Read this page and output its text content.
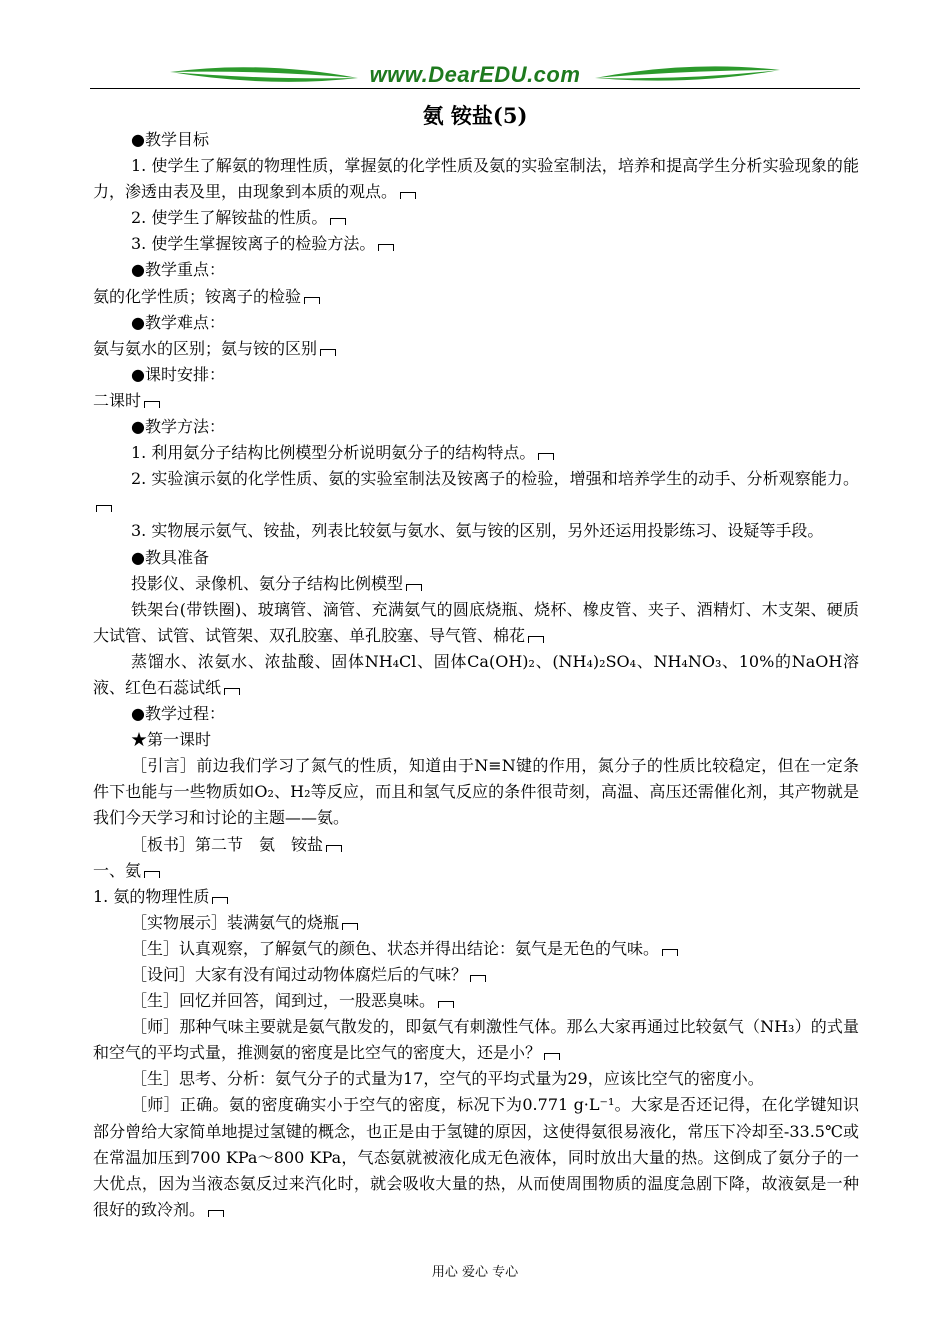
www.DearEDU.com
氨 铵盐(5)

●教学目标

1. 使学生了解氨的物理性质，掌握氨的化学性质及氨的实验室制法，培养和提高学生分析实验现象的能力，渗透由表及里，由现象到本质的观点。

2. 使学生了解铵盐的性质。

3. 使学生掌握铵离子的检验方法。

●教学重点：

氨的化学性质；铵离子的检验

●教学难点：

氨与氨水的区别；氨与铵的区别

●课时安排：

二课时

●教学方法：

1. 利用氨分子结构比例模型分析说明氨分子的结构特点。

2. 实验演示氨的化学性质、氨的实验室制法及铵离子的检验，增强和培养学生的动手、分析观察能力。

3. 实物展示氨气、铵盐，列表比较氨与氨水、氨与铵的区别，另外还运用投影练习、设疑等手段。

●教具准备

投影仪、录像机、氨分子结构比例模型

铁架台(带铁圈)、玻璃管、滴管、充满氨气的圆底烧瓶、烧杯、橡皮管、夹子、酒精灯、木支架、硬质大试管、试管、试管架、双孔胶塞、单孔胶塞、导气管、棉花

蒸馏水、浓氨水、浓盐酸、固体NH₄Cl、固体Ca(OH)₂、(NH₄)₂SO₄、NH₄NO₃、10%的NaOH溶液、红色石蕊试纸

●教学过程：

★第一课时

［引言］前边我们学习了氮气的性质，知道由于N≡N键的作用，氮分子的性质比较稳定，但在一定条件下也能与一些物质如O₂、H₂等反应，而且和氢气反应的条件很苛刻，高温、高压还需催化剂，其产物就是我们今天学习和讨论的主题——氨。

［板书］第二节　氨　铵盐

一、氨

1. 氨的物理性质

［实物展示］装满氨气的烧瓶

［生］认真观察，了解氨气的颜色、状态并得出结论：氨气是无色的气味。

［设问］大家有没有闻过动物体腐烂后的气味？

［生］回忆并回答，闻到过，一股恶臭味。

［师］那种气味主要就是氨气散发的，即氨气有刺激性气体。那么大家再通过比较氨气（NH₃）的式量和空气的平均式量，推测氨的密度是比空气的密度大，还是小？

［生］思考、分析：氨气分子的式量为17，空气的平均式量为29，应该比空气的密度小。

［师］正确。氨的密度确实小于空气的密度，标况下为0.771 g·L⁻¹。大家是否还记得，在化学键知识部分曾给大家简单地提过氢键的概念，也正是由于氢键的原因，这使得氨很易液化，常压下冷却至-33.5℃或在常温加压到700 KPa～800 KPa，气态氨就被液化成无色液体，同时放出大量的热。这倒成了氨分子的一大优点，因为当液态氨反过来汽化时，就会吸收大量的热，从而使周围物质的温度急剧下降，故液氨是一种很好的致冷剂。

用心 爱心 专心
